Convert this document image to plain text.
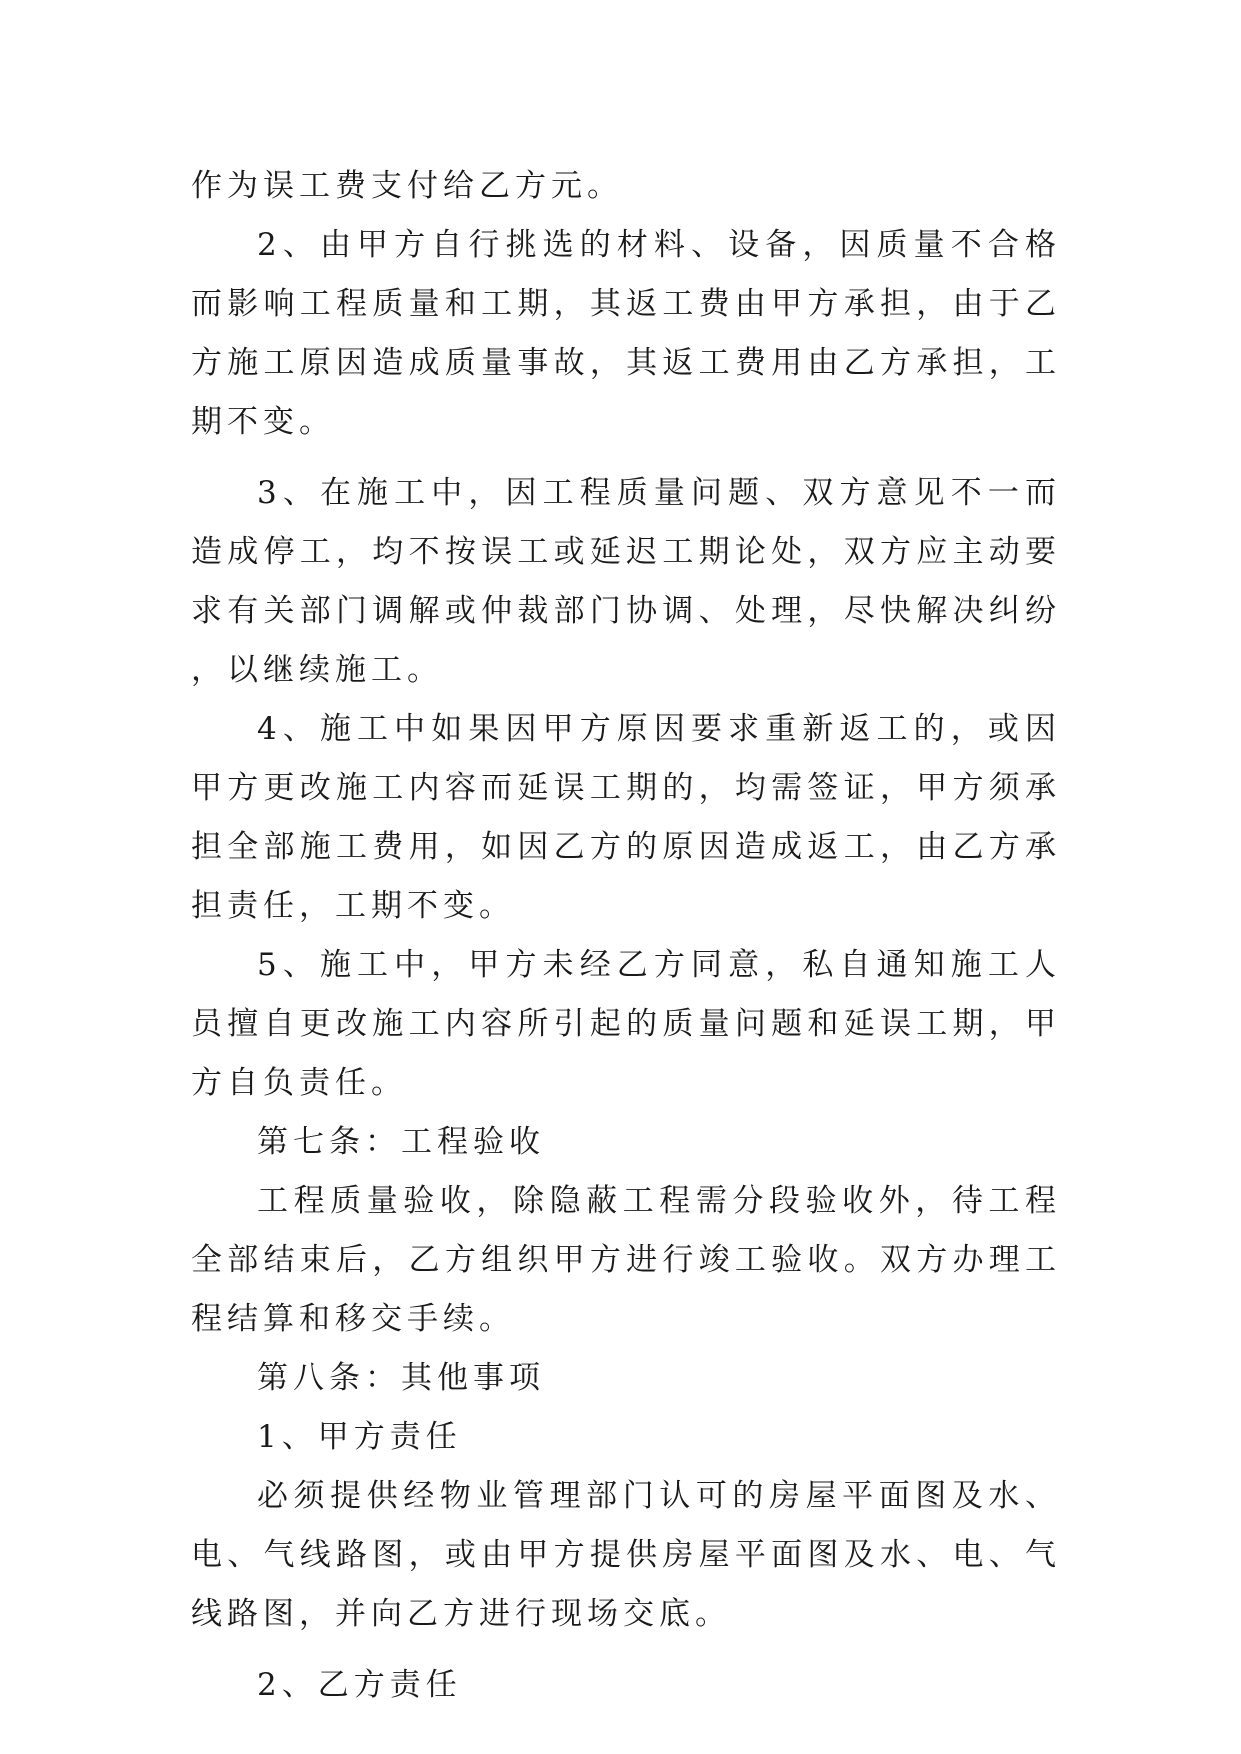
作为误工费支付给乙方元。

2、由甲方自行挑选的材料、设备，因质量不合格而影响工程质量和工期，其返工费由甲方承担，由于乙方施工原因造成质量事故，其返工费用由乙方承担，工期不变。

3、在施工中，因工程质量问题、双方意见不一而造成停工，均不按误工或延迟工期论处，双方应主动要求有关部门调解或仲裁部门协调、处理，尽快解决纠纷，以继续施工。

4、施工中如果因甲方原因要求重新返工的，或因甲方更改施工内容而延误工期的，均需签证，甲方须承担全部施工费用，如因乙方的原因造成返工，由乙方承担责任，工期不变。

5、施工中，甲方未经乙方同意，私自通知施工人员擅自更改施工内容所引起的质量问题和延误工期，甲方自负责任。

第七条：工程验收

工程质量验收，除隐蔽工程需分段验收外，待工程全部结束后，乙方组织甲方进行竣工验收。双方办理工程结算和移交手续。

第八条：其他事项

1、甲方责任

必须提供经物业管理部门认可的房屋平面图及水、电、气线路图，或由甲方提供房屋平面图及水、电、气线路图，并向乙方进行现场交底。

2、乙方责任
